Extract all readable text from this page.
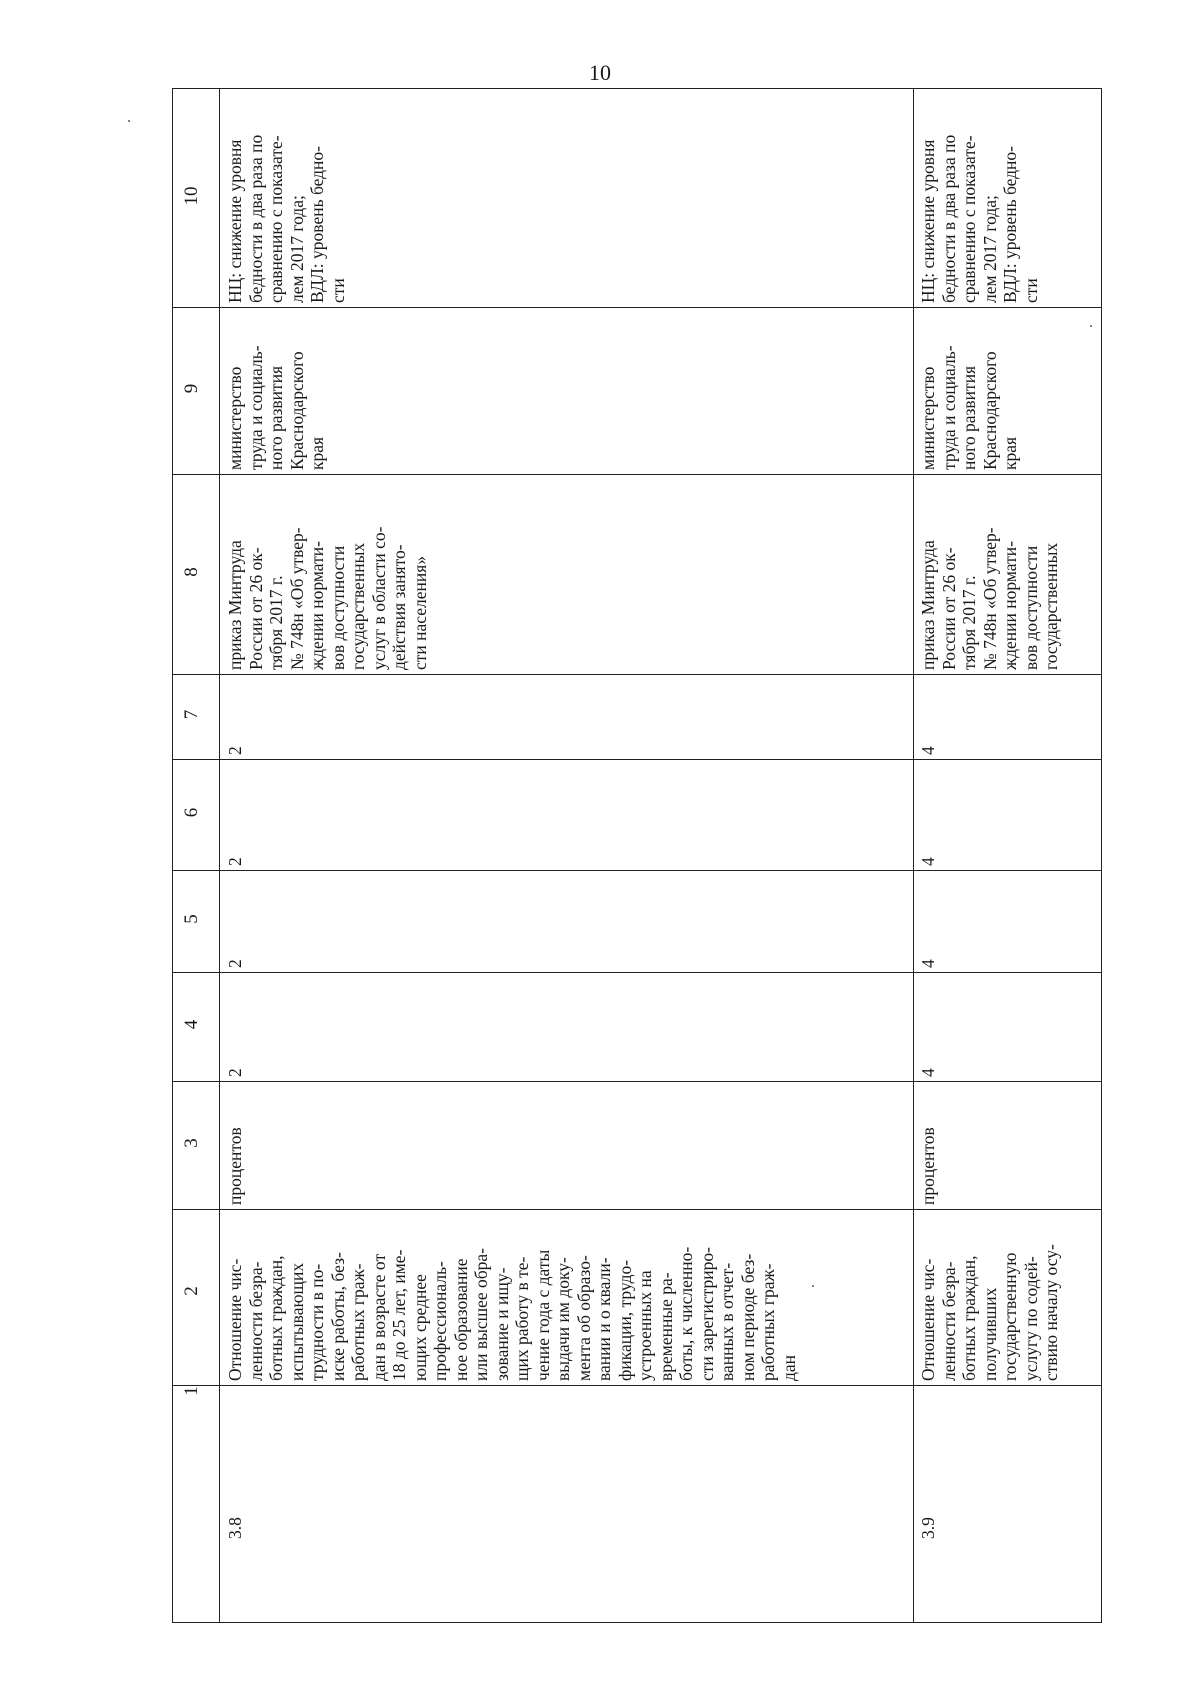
10
1
2
3
4
5
6
7
8
9
10
3.8
Отношение чис-
ленности безра-
ботных граждан,
испытывающих
трудности в по-
иске работы, без-
работных граж-
дан в возрасте от
18 до 25 лет, име-
ющих среднее
профессиональ-
ное образование
или высшее обра-
зование и ищу-
щих работу в те-
чение года с даты
выдачи им доку-
мента об образо-
вании и о квали-
фикации, трудо-
устроенных на
временные ра-
боты, к численно-
сти зарегистриро-
ванных в отчет-
ном периоде без-
работных граж-
дан
процентов
2
2
2
2
приказ Минтруда
России от 26 ок-
тября 2017 г.
№ 748н «Об утвер-
ждении нормати-
вов доступности
государственных
услуг в области со-
действия занято-
сти населения»
министерство
труда и социаль-
ного развития
Краснодарского
края
НЦ: снижение уровня
бедности в два раза по
сравнению с показате-
лем 2017 года;
ВДЛ: уровень бедно-
сти
3.9
Отношение чис-
ленности безра-
ботных граждан,
получивших
государственную
услугу по содей-
ствию началу осу-
процентов
4
4
4
4
приказ Минтруда
России от 26 ок-
тября 2017 г.
№ 748н «Об утвер-
ждении нормати-
вов доступности
государственных
министерство
труда и социаль-
ного развития
Краснодарского
края
НЦ: снижение уровня
бедности в два раза по
сравнению с показате-
лем 2017 года;
ВДЛ: уровень бедно-
сти
